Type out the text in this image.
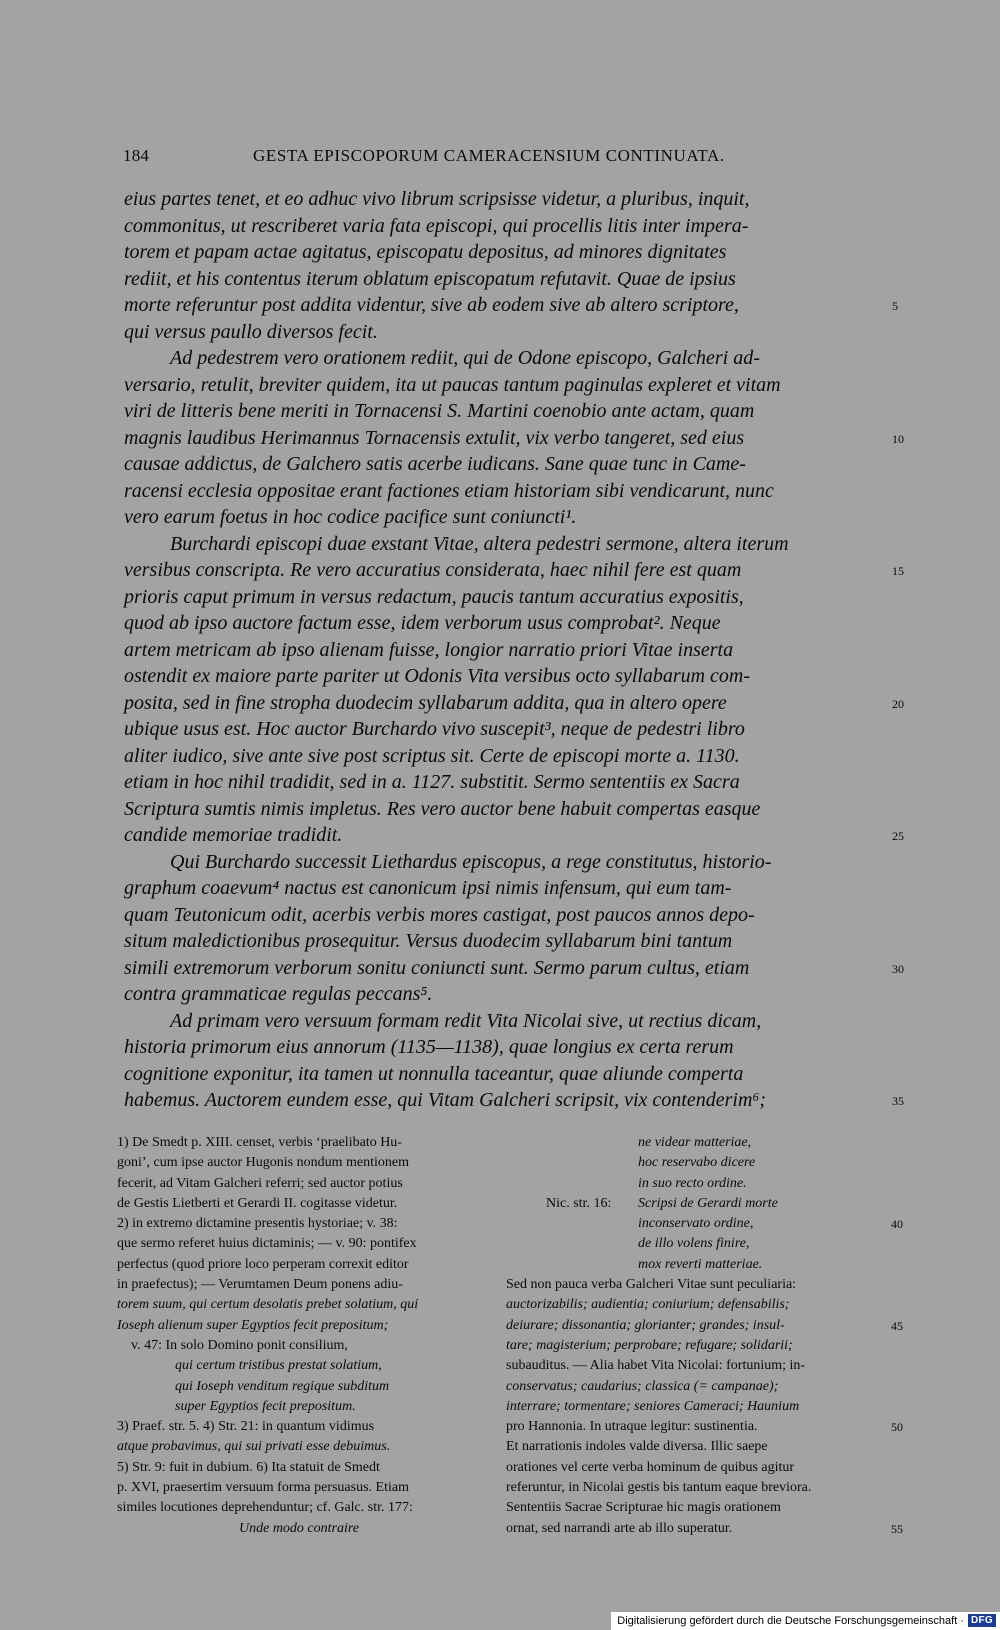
184	GESTA EPISCOPORUM CAMERACENSIUM CONTINUATA.
eius partes tenet, et eo adhuc vivo librum scripsisse videtur, a pluribus, inquit,
commonitus, ut rescriberet varia fata episcopi, qui procellis litis inter impera-
torem et papam actae agitatus, episcopatu depositus, ad minores dignitates
rediit, et his contentus iterum oblatum episcopatum refutavit. Quae de ipsius
morte referuntur post addita videntur, sive ab eodem sive ab altero scriptore,	5
qui versus paullo diversos fecit.
Ad pedestrem vero orationem rediit, qui de Odone episcopo, Galcheri ad-
versario, retulit, breviter quidem, ita ut paucas tantum paginulas expleret et vitam
viri de litteris bene meriti in Tornacensi S. Martini coenobio ante actam, quam
magnis laudibus Herimannus Tornacensis extulit, vix verbo tangeret, sed eius	10
causae addictus, de Galchero satis acerbe iudicans. Sane quae tunc in Came-
racensi ecclesia oppositae erant factiones etiam historiam sibi vendicarunt, nunc
vero earum foetus in hoc codice pacifice sunt coniuncti¹.
Burchardi episcopi duae exstant Vitae, altera pedestri sermone, altera iterum
versibus conscripta. Re vero accuratius considerata, haec nihil fere est quam	15
prioris caput primum in versus redactum, paucis tantum accuratius expositis,
quod ab ipso auctore factum esse, idem verborum usus comprobat². Neque
artem metricam ab ipso alienam fuisse, longior narratio priori Vitae inserta
ostendit ex maiore parte pariter ut Odonis Vita versibus octo syllabarum com-
posita, sed in fine stropha duodecim syllabarum addita, qua in altero opere	20
ubique usus est. Hoc auctor Burchardo vivo suscepit³, neque de pedestri libro
aliter iudico, sive ante sive post scriptus sit. Certe de episcopi morte a. 1130.
etiam in hoc nihil tradidit, sed in a. 1127. substitit. Sermo sententiis ex Sacra
Scriptura sumtis nimis impletus. Res vero auctor bene habuit compertas easque
candide memoriae tradidit.	25
Qui Burchardo successit Liethardus episcopus, a rege constitutus, historio-
graphum coaevum⁴ nactus est canonicum ipsi nimis infensum, qui eum tam-
quam Teutonicum odit, acerbis verbis mores castigat, post paucos annos depo-
situm maledictionibus prosequitur. Versus duodecim syllabarum bini tantum
simili extremorum verborum sonitu coniuncti sunt. Sermo parum cultus, etiam	30
contra grammaticae regulas peccans⁵.
Ad primam vero versuum formam redit Vita Nicolai sive, ut rectius dicam,
historia primorum eius annorum (1135—1138), quae longius ex certa rerum
cognitione exponitur, ita tamen ut nonnulla taceantur, quae aliunde comperta
habemus. Auctorem eundem esse, qui Vitam Galcheri scripsit, vix contenderim⁶;	35
1) De Smedt p. XIII. censet, verbis ‘praelibato Hu-
goni’, cum ipse auctor Hugonis nondum mentionem
fecerit, ad Vitam Galcheri referri; sed auctor potius
de Gestis Lietberti et Gerardi II. cogitasse videtur.
2) in extremo dictamine presentis hystoriae; v. 38:
que sermo referet huius dictaminis; — v. 90: pontifex
perfectus (quod priore loco perperam correxit editor
in praefectus); — Verumtamen Deum ponens adiu-
torem suum, qui certum desolatis prebet solatium, qui
Ioseph alienum super Egyptios fecit prepositum;
v. 47: In solo Domino ponit consilium,
qui certum tristibus prestat solatium,
qui Ioseph venditum regique subditum
super Egyptios fecit prepositum.
3) Praef. str. 5. 4) Str. 21: in quantum vidimus
atque probavimus, qui sui privati esse debuimus.
5) Str. 9: fuit in dubium. 6) Ita statuit de Smedt
p. XVI, praesertim versuum forma persuasus. Etiam
similes locutiones deprehenduntur; cf. Galc. str. 177:
Unde modo contraire
ne videar matteriae,
hoc reservabo dicere
in suo recto ordine.
Nic. str. 16: Scripsi de Gerardi morte
inconservato ordine,	40
de illo volens finire,
mox reverti matteriae.
Sed non pauca verba Galcheri Vitae sunt peculiaria:
auctorizabilis; audientia; coniurium; defensabilis;
deiurare; dissonantia; glorianter; grandes; insul-	45
tare; magisterium; perprobare; refugare; solidarii;
subauditus. — Alia habet Vita Nicolai: fortunium; in-
conservatus; caudarius; classica (= campanae);
interrare; tormentare; seniores Cameraci; Haunium
pro Hannonia. In utraque legitur: sustinentia.	50
Et narrationis indoles valde diversa. Illic saepe
orationes vel certe verba hominum de quibus agitur
referuntur, in Nicolai gestis bis tantum eaque breviora.
Sententiis Sacrae Scripturae hic magis orationem
ornat, sed narrandi arte ab illo superatur.	55
Digitalisierung gefördert durch die Deutsche Forschungsgemeinschaft · DFG
